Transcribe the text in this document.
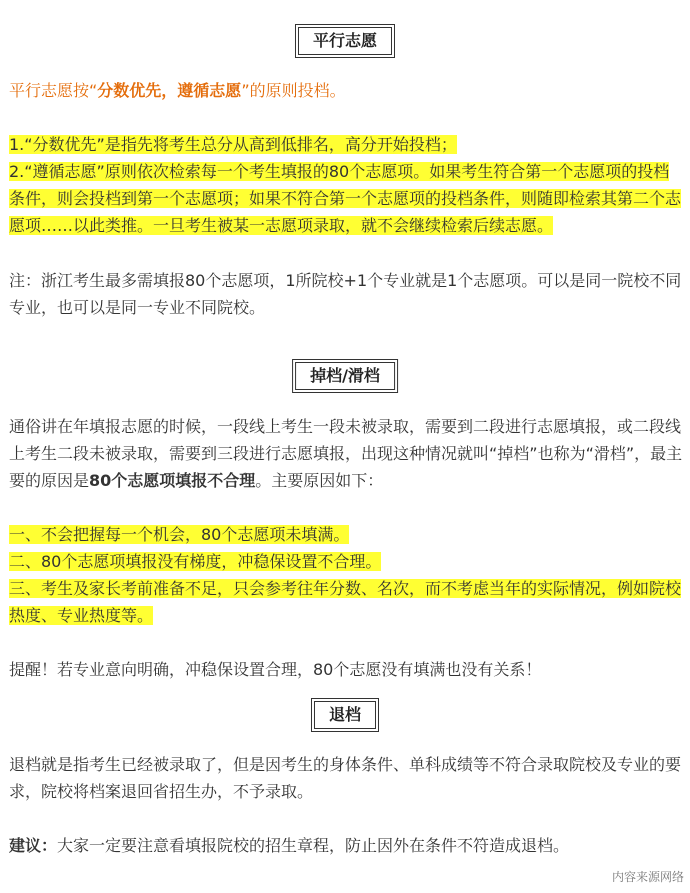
平行志愿

平行志愿按“分数优先，遵循志愿”的原则投档。

1.“分数优先”是指先将考生总分从高到低排名，高分开始投档；

2.“遵循志愿”原则依次检索每一个考生填报的80个志愿项。如果考生符合第一个志愿项的投档条件，则会投档到第一个志愿项；如果不符合第一个志愿项的投档条件，则随即检索其第二个志愿项……以此类推。一旦考生被某一志愿项录取，就不会继续检索后续志愿。

注：浙江考生最多需填报80个志愿项，1所院校+1个专业就是1个志愿项。可以是同一院校不同专业，也可以是同一专业不同院校。

掉档/滑档

通俗讲在年填报志愿的时候，一段线上考生一段未被录取，需要到二段进行志愿填报，或二段线上考生二段未被录取，需要到三段进行志愿填报，出现这种情况就叫“掉档”也称为“滑档”，最主要的原因是80个志愿项填报不合理。主要原因如下：

一、不会把握每一个机会，80个志愿项未填满。

二、80个志愿项填报没有梯度，冲稳保设置不合理。

三、考生及家长考前准备不足，只会参考往年分数、名次，而不考虑当年的实际情况，例如院校热度、专业热度等。

提醒！若专业意向明确，冲稳保设置合理，80个志愿没有填满也没有关系！

退档

退档就是指考生已经被录取了，但是因考生的身体条件、单科成绩等不符合录取院校及专业的要求，院校将档案退回省招生办，不予录取。

建议：大家一定要注意看填报院校的招生章程，防止因外在条件不符造成退档。

内容来源网络
